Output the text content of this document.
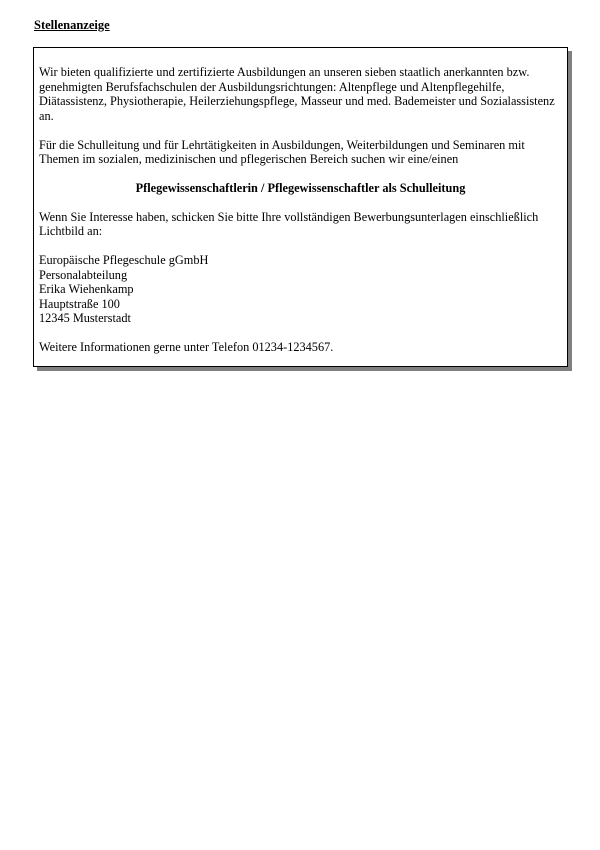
Stellenanzeige

Wir bieten qualifizierte und zertifizierte Ausbildungen an unseren sieben staatlich anerkannten bzw. genehmigten Berufsfachschulen der Ausbildungsrichtungen: Altenpflege und Altenpflegehilfe, Diätassistenz, Physiotherapie, Heilerziehungspflege, Masseur und med. Bademeister und Sozialassistenz an.

Für die Schulleitung und für Lehrtätigkeiten in Ausbildungen, Weiterbildungen und Seminaren mit Themen im sozialen, medizinischen und pflegerischen Bereich suchen wir eine/einen

Pflegewissenschaftlerin / Pflegewissenschaftler als Schulleitung

Wenn Sie Interesse haben, schicken Sie bitte Ihre vollständigen Bewerbungsunterlagen einschließlich Lichtbild an:

Europäische Pflegeschule gGmbH
Personalabteilung
Erika Wiehenkamp
Hauptstraße 100
12345 Musterstadt

Weitere Informationen gerne unter Telefon 01234-1234567.
